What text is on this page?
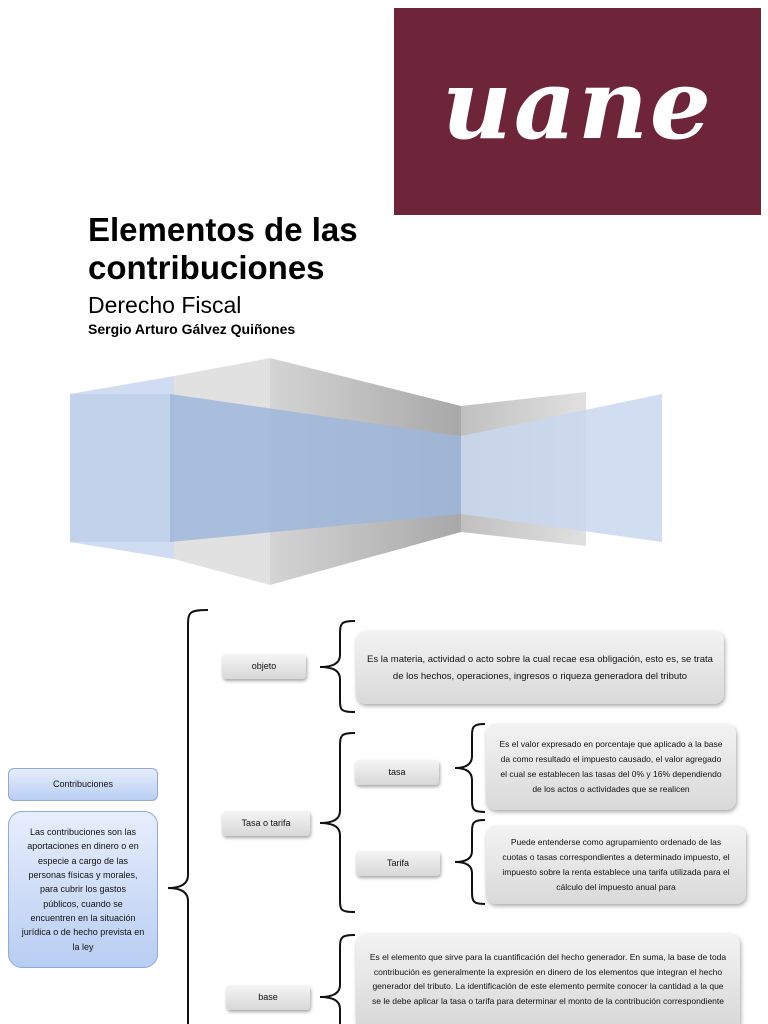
uane
Elementos de las contribuciones
Derecho Fiscal
Sergio Arturo Gálvez Quiñones
Contribuciones
Las contribuciones son las aportaciones en dinero o en especie a cargo de las personas físicas y morales, para cubrir los gastos públicos, cuando se encuentren en la situación jurídica o de hecho prevista en la ley
objeto
Es la materia, actividad o acto sobre la cual recae esa obligación, esto es, se trata de los hechos, operaciones, ingresos o riqueza generadora del tributo
Tasa o tarifa
tasa
Es el valor expresado en porcentaje que aplicado a la base da como resultado el impuesto causado, el valor agregado el cual se establecen las tasas del 0% y 16% dependiendo de los actos o actividades que se realicen
Tarifa
Puede entenderse como agrupamiento ordenado de las cuotas o tasas correspondientes a determinado impuesto, el impuesto sobre la renta establece una tarifa utilizada para el cálculo del impuesto anual para
base
Es el elemento que sirve para la cuantificación del hecho generador. En suma, la base de toda contribución es generalmente la expresión en dinero de los elementos que integran el hecho generador del tributo. La identificación de este elemento permite conocer la cantidad a la que se le debe aplicar la tasa o tarifa para determinar el monto de la contribución correspondiente
